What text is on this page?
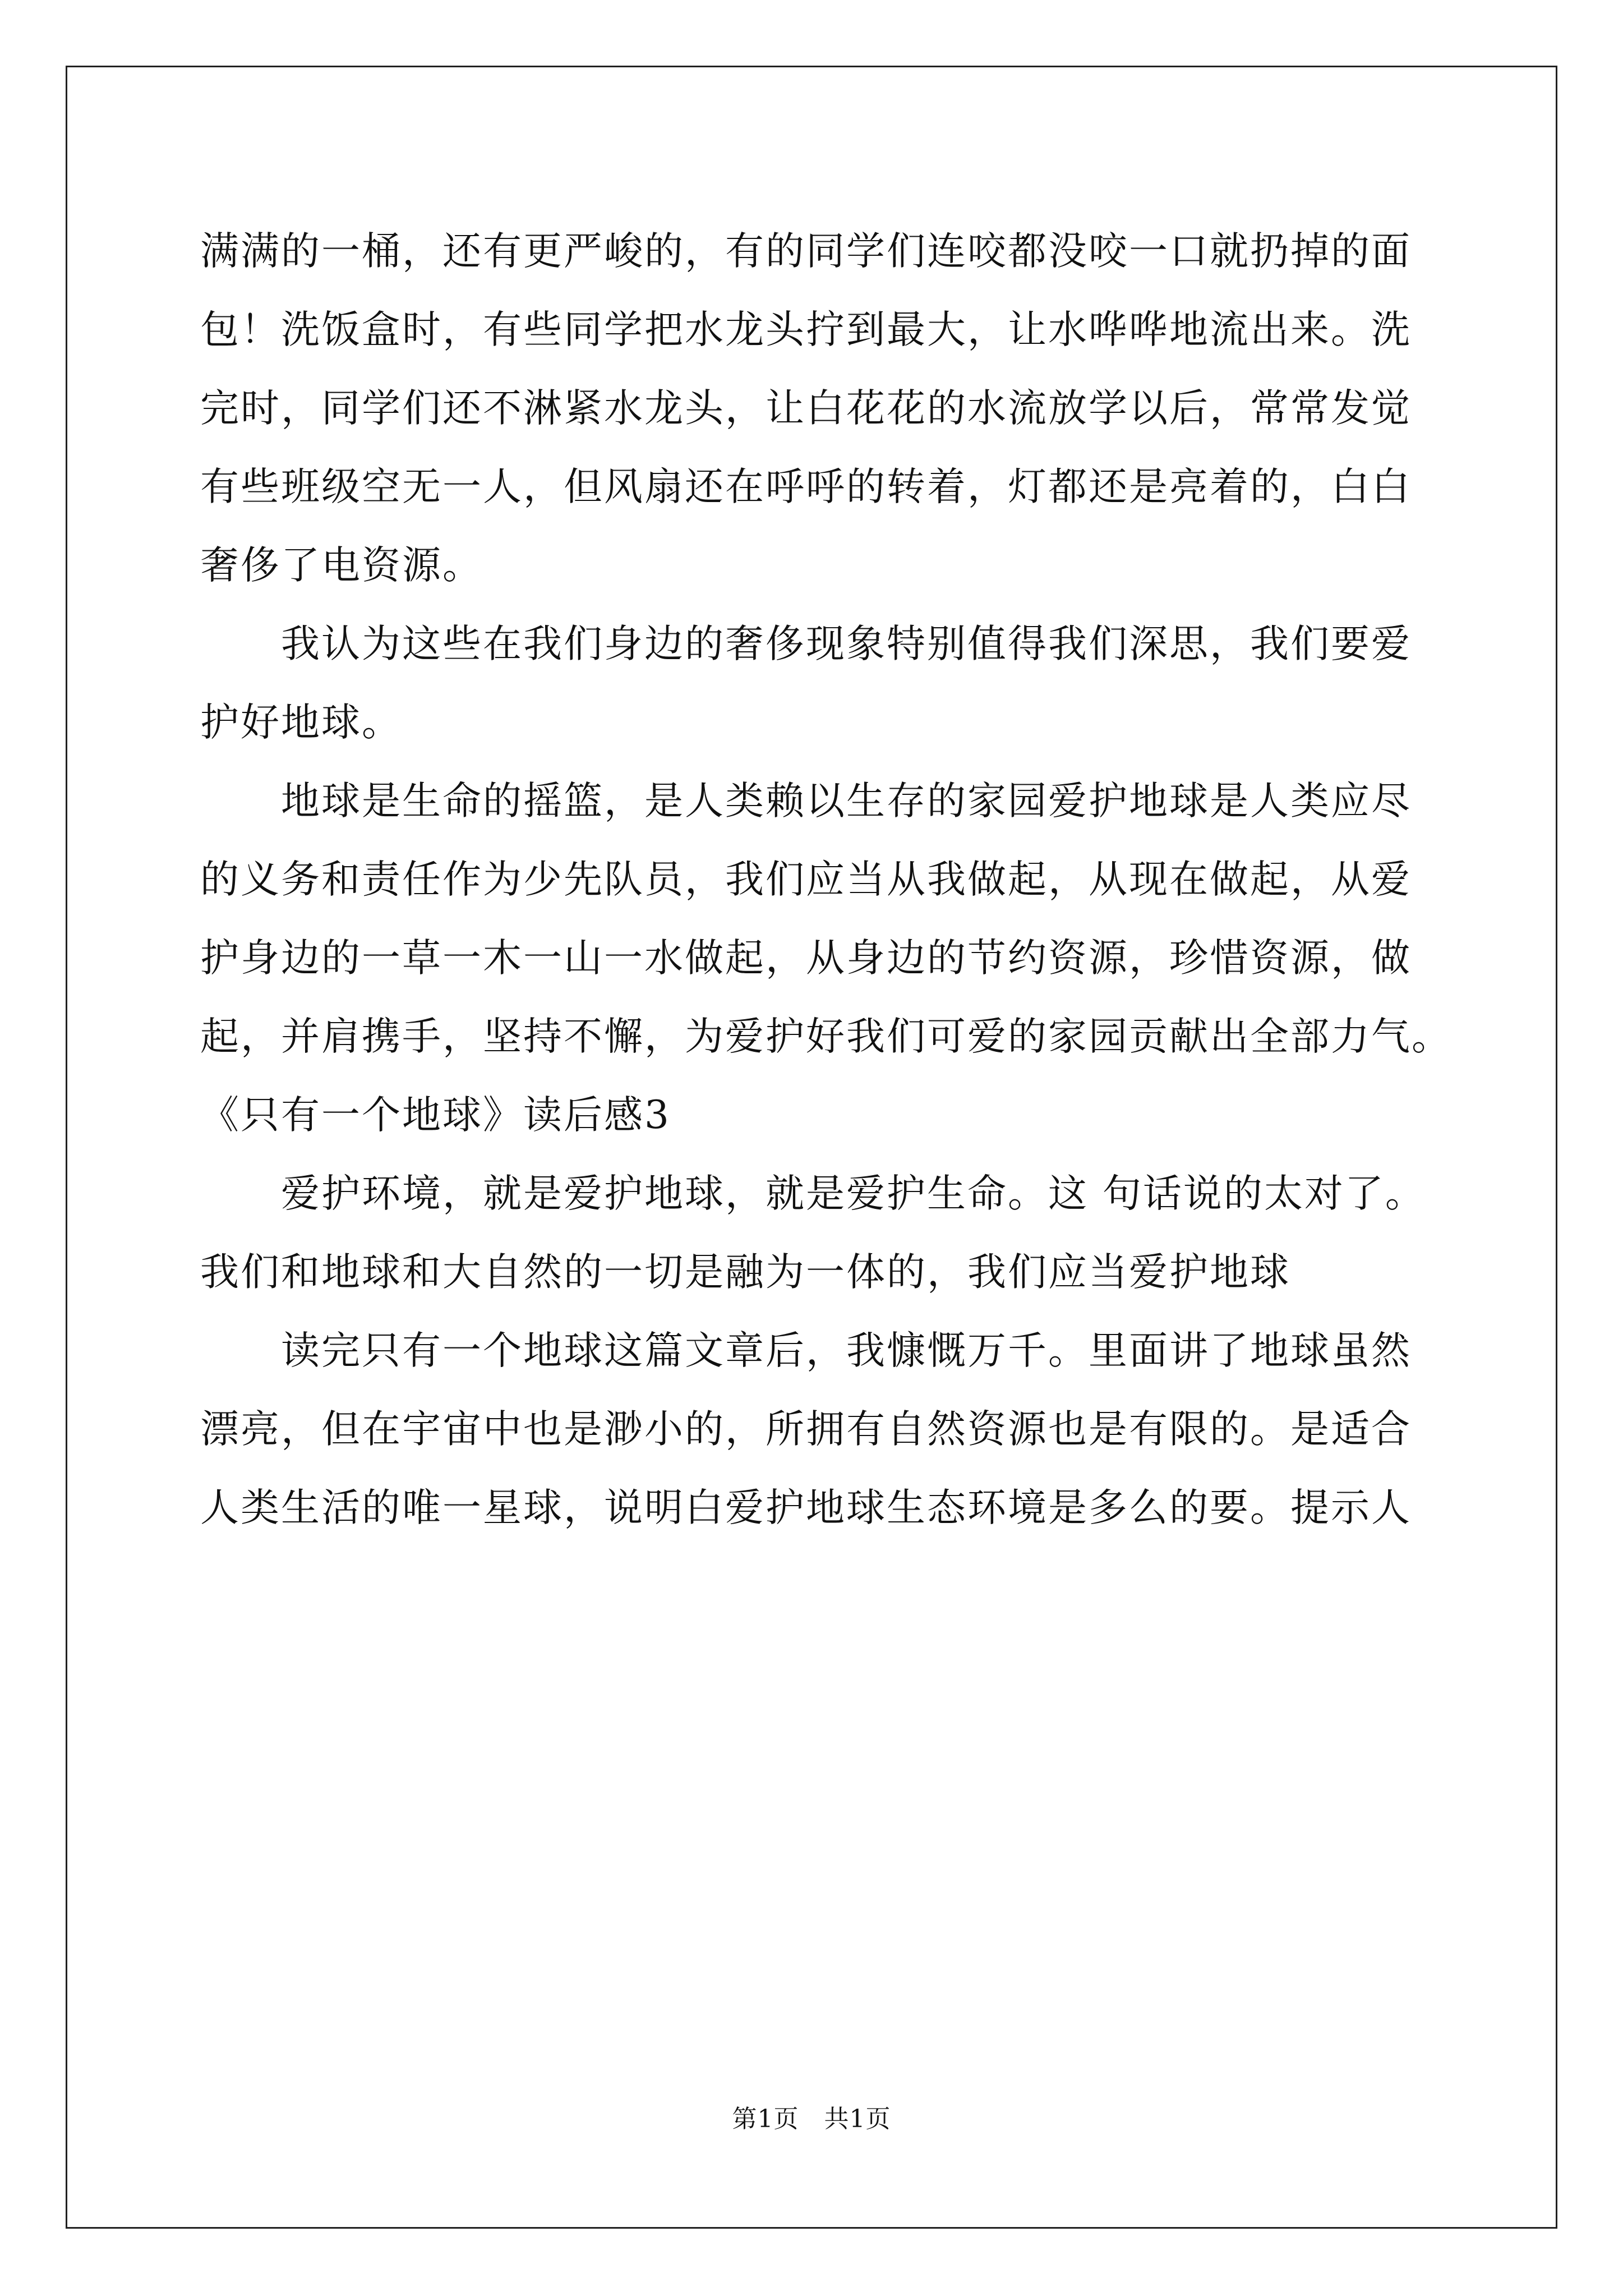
满满的一桶，还有更严峻的，有的同学们连咬都没咬一口就扔掉的面
包！洗饭盒时，有些同学把水龙头拧到最大，让水哗哗地流出来。洗
完时，同学们还不淋紧水龙头，让白花花的水流放学以后，常常发觉
有些班级空无一人，但风扇还在呼呼的转着，灯都还是亮着的，白白
奢侈了电资源。
　　我认为这些在我们身边的奢侈现象特别值得我们深思，我们要爱
护好地球。
　　地球是生命的摇篮，是人类赖以生存的家园爱护地球是人类应尽
的义务和责任作为少先队员，我们应当从我做起，从现在做起，从爱
护身边的一草一木一山一水做起，从身边的节约资源，珍惜资源，做
起，并肩携手，坚持不懈，为爱护好我们可爱的家园贡献出全部力气。
《只有一个地球》读后感3
　　爱护环境，就是爱护地球，就是爱护生命。这 句话说的太对了。
我们和地球和大自然的一切是融为一体的，我们应当爱护地球
　　读完只有一个地球这篇文章后，我慷慨万千。里面讲了地球虽然
漂亮，但在宇宙中也是渺小的，所拥有自然资源也是有限的。是适合
人类生活的唯一星球，说明白爱护地球生态环境是多么的要。提示人
第1页　共1页
